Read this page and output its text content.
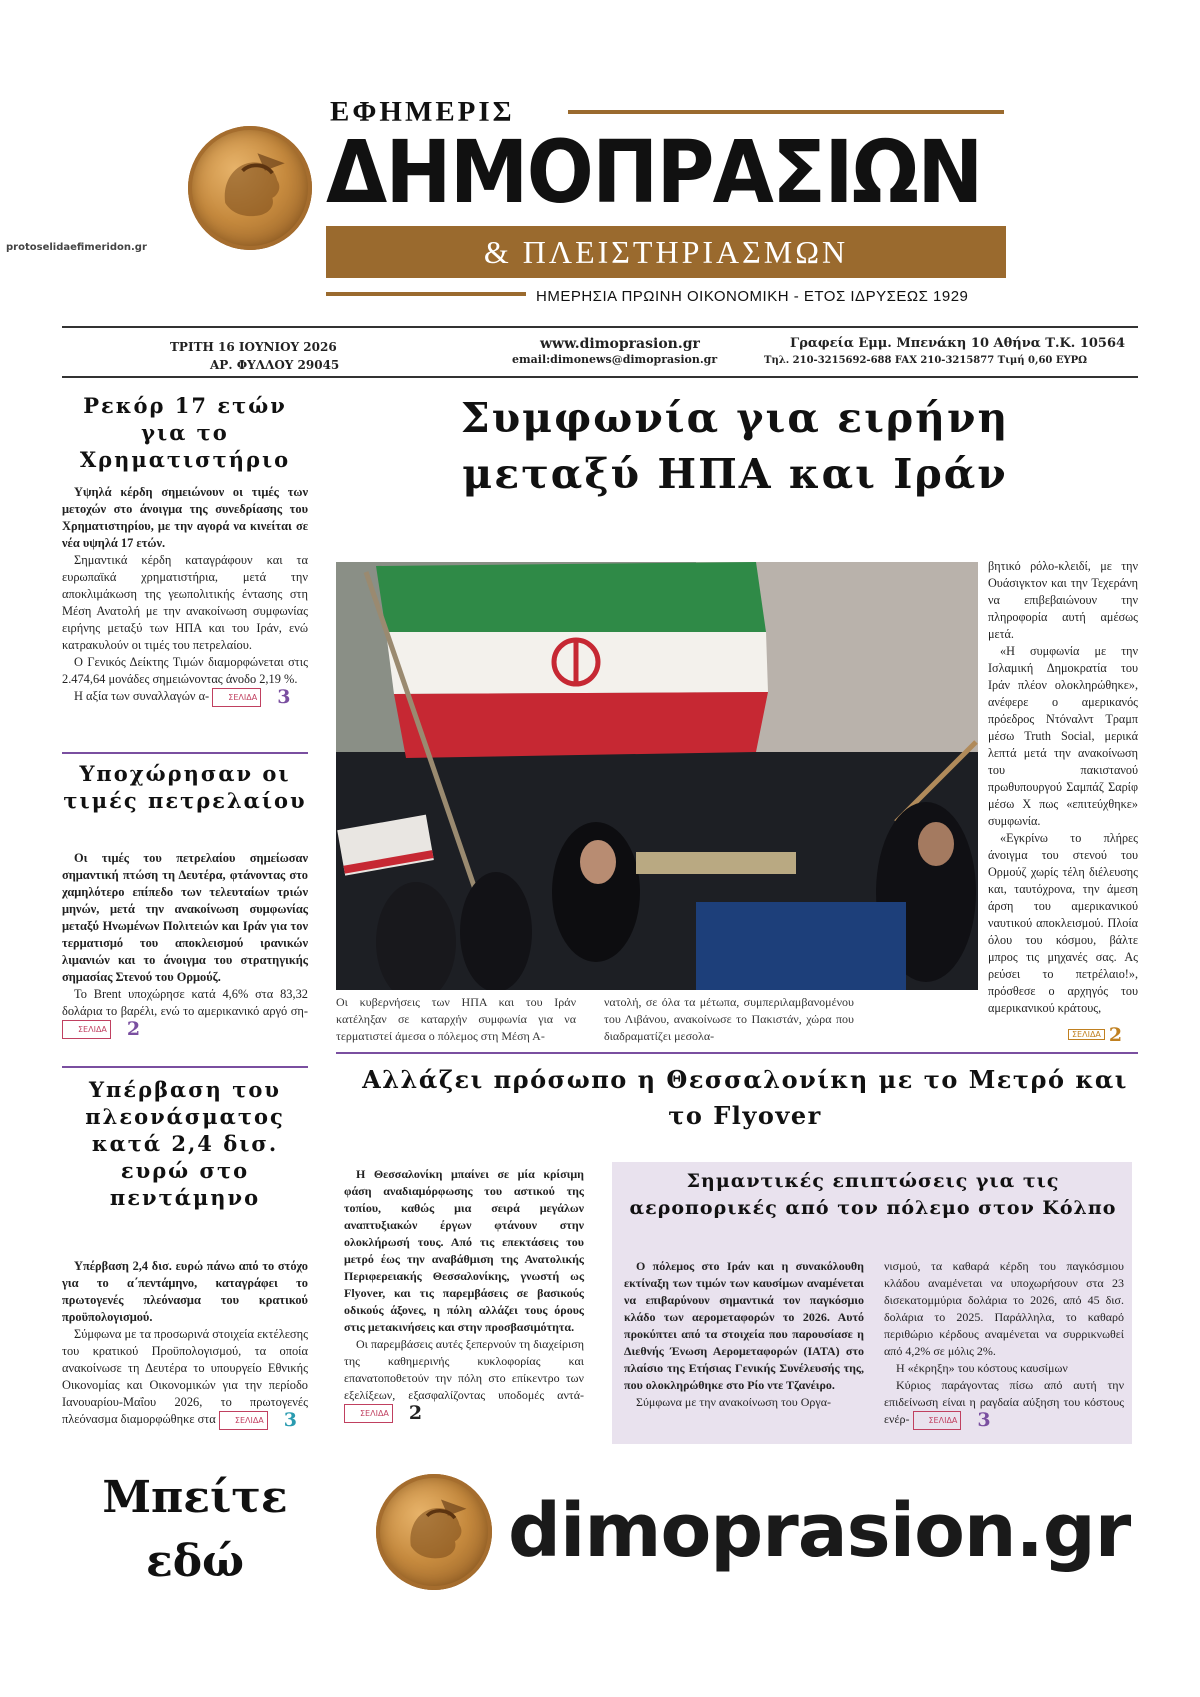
protoselidaefimeridon.gr
ΕΦΗΜΕΡΙΣ
ΔΗΜΟΠΡΑΣΙΩΝ
& ΠΛΕΙΣΤΗΡΙΑΣΜΩΝ
ΗΜΕΡΗΣΙΑ ΠΡΩΙΝΗ ΟΙΚΟΝΟΜΙΚΗ - ΕΤΟΣ ΙΔΡΥΣΕΩΣ 1929
ΤΡΙΤΗ 16 ΙΟΥΝΙΟΥ 2026
ΑΡ. ΦΥΛΛΟΥ 29045
www.dimoprasion.gr
email:dimonews@dimoprasion.gr
Γραφεία Εμμ. Μπενάκη 10 Αθήνα Τ.Κ. 10564
Τηλ. 210-3215692-688 FAX 210-3215877 Τιμή 0,60 ΕΥΡΩ
Ρεκόρ 17 ετών για το Χρηματιστήριο

Υψηλά κέρδη σημειώνουν οι τιμές των μετοχών στο άνοιγμα της συνεδρίασης του Χρηματιστηρίου, με την αγορά να κινείται σε νέα υψηλά 17 ετών.

Σημαντικά κέρδη καταγράφουν και τα ευρωπαϊκά χρηματιστήρια, μετά την αποκλιμάκωση της γεωπολιτικής έντασης στη Μέση Ανατολή με την ανακοίνωση συμφωνίας ειρήνης μεταξύ των ΗΠΑ και του Ιράν, ενώ κατρακυλούν οι τιμές του πετρελαίου.

Ο Γενικός Δείκτης Τιμών διαμορφώνεται στις 2.474,64 μονάδες σημειώνοντας άνοδο 2,19 %.

Η αξία των συναλλαγών α-	ΣΕΛΙΔΑ	3

Υποχώρησαν οι τιμές πετρελαίου

Οι τιμές του πετρελαίου σημείωσαν σημαντική πτώση τη Δευτέρα, φτάνοντας στο χαμηλότερο επίπεδο των τελευταίων τριών μηνών, μετά την ανακοίνωση συμφωνίας μεταξύ Ηνωμένων Πολιτειών και Ιράν για τον τερματισμό του αποκλεισμού ιρανικών λιμανιών και το άνοιγμα του στρατηγικής σημασίας Στενού του Ορμούζ.

Το Brent υποχώρησε κατά 4,6% στα 83,32 δολάρια το βαρέλι, ενώ το αμερικανικό αργό ση-
ΣΕΛΙΔΑ	2

Υπέρβαση του πλεονάσματος κατά 2,4 δισ. ευρώ στο πεντάμηνο

Υπέρβαση 2,4 δισ. ευρώ πάνω από το στόχο για το α΄πεντάμηνο, καταγράφει το πρωτογενές πλεόνασμα του κρατικού προϋπολογισμού.

Σύμφωνα με τα προσωρινά στοιχεία εκτέλεσης του κρατικού Προϋπολογισμού, τα οποία ανακοίνωσε τη Δευτέρα το υπουργείο Εθνικής Οικονομίας και Οικονομικών για την περίοδο Ιανουαρίου-Μαΐου 2026, το πρωτογενές πλεόνασμα διαμορφώθηκε στα	ΣΕΛΙΔΑ	3

Συμφωνία για ειρήνη μεταξύ ΗΠΑ και Ιράν
Οι κυβερνήσεις των ΗΠΑ και του Ιράν κατέληξαν σε καταρχήν συμφωνία για να τερματιστεί άμεσα ο πόλεμος στη Μέση Α-
νατολή, σε όλα τα μέτωπα, συμπεριλαμβανομένου του Λιβάνου, ανακοίνωσε το Πακιστάν, χώρα που διαδραματίζει μεσολα-

βητικό ρόλο-κλειδί, με την Ουάσιγκτον και την Τεχεράνη να επιβεβαιώνουν την πληροφορία αυτή αμέσως μετά.

«Η συμφωνία με την Ισλαμική Δημοκρατία του Ιράν πλέον ολοκληρώθηκε», ανέφερε ο αμερικανός πρόεδρος Ντόναλντ Τραμπ μέσω Truth Social, μερικά λεπτά μετά την ανακοίνωση του πακιστανού πρωθυπουργού Σαμπάζ Σαρίφ μέσω Χ πως «επιτεύχθηκε» συμφωνία.

«Εγκρίνω το πλήρες άνοιγμα του στενού του Ορμούζ χωρίς τέλη διέλευσης και, ταυτόχρονα, την άμεση άρση του αμερικανικού ναυτικού αποκλεισμού. Πλοία όλου του κόσμου, βάλτε μπρος τις μηχανές σας. Ας ρεύσει το πετρέλαιο!», πρόσθεσε ο αρχηγός του αμερικανικού κράτους,

ΣΕΛΙΔΑ 2
Αλλάζει πρόσωπο η Θεσσαλονίκη με το Μετρό και το Flyover

Η Θεσσαλονίκη μπαίνει σε μία κρίσιμη φάση αναδιαμόρφωσης του αστικού της τοπίου, καθώς μια σειρά μεγάλων αναπτυξιακών έργων φτάνουν στην ολοκλήρωσή τους. Από τις επεκτάσεις του μετρό έως την αναβάθμιση της Ανατολικής Περιφερειακής Θεσσαλονίκης, γνωστή ως Flyover, και τις παρεμβάσεις σε βασικούς οδικούς άξονες, η πόλη αλλάζει τους όρους στις μετακινήσεις και στην προσβασιμότητα.

Οι παρεμβάσεις αυτές ξεπερνούν τη διαχείριση της καθημερινής κυκλοφορίας και επανατοποθετούν την πόλη στο επίκεντρο των εξελίξεων, εξασφαλίζοντας υποδομές αντά-
ΣΕΛΙΔΑ	2

Σημαντικές επιπτώσεις για τις αεροπορικές από τον πόλεμο στον Κόλπο

Ο πόλεμος στο Ιράν και η συνακόλουθη εκτίναξη των τιμών των καυσίμων αναμένεται να επιβαρύνουν σημαντικά τον παγκόσμιο κλάδο των αερομεταφορών το 2026. Αυτό προκύπτει από τα στοιχεία που παρουσίασε η Διεθνής Ένωση Αερομεταφορών (IATA) στο πλαίσιο της Ετήσιας Γενικής Συνέλευσής της, που ολοκληρώθηκε στο Ρίο ντε Τζανέιρο.

Σύμφωνα με την ανακοίνωση του Οργα-

νισμού, τα καθαρά κέρδη του παγκόσμιου κλάδου αναμένεται να υποχωρήσουν στα 23 δισεκατομμύρια δολάρια το 2026, από 45 δισ. δολάρια το 2025. Παράλληλα, το καθαρό περιθώριο κέρδους αναμένεται να συρρικνωθεί από 4,2% σε μόλις 2%.

Η «έκρηξη» του κόστους καυσίμων

Κύριος παράγοντας πίσω από αυτή την επιδείνωση είναι η ραγδαία αύξηση του κόστους ενέρ-	ΣΕΛΙΔΑ	3

Μπείτε εδώ	dimoprasion.gr
